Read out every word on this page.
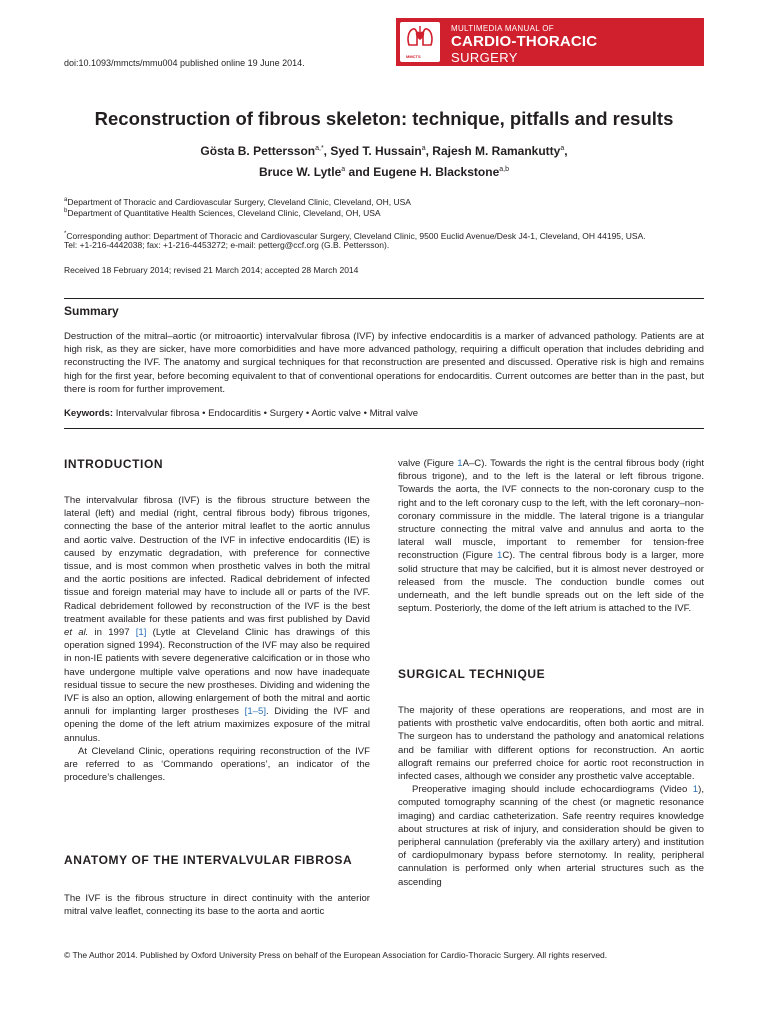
doi:10.1093/mmcts/mmu004 published online 19 June 2014.
MMCTS
MULTIMEDIA MANUAL OF
CARDIO-THORACIC
SURGERY
Reconstruction of fibrous skeleton: technique, pitfalls and results
Gösta B. Pettersson$^{a,*}$, Syed T. Hussain$^a$, Rajesh M. Ramankutty$^a$,
Bruce W. Lytle$^a$ and Eugene H. Blackstone$^{a,b}$
$^a$Department of Thoracic and Cardiovascular Surgery, Cleveland Clinic, Cleveland, OH, USA
$^b$Department of Quantitative Health Sciences, Cleveland Clinic, Cleveland, OH, USA
*Corresponding author: Department of Thoracic and Cardiovascular Surgery, Cleveland Clinic, 9500 Euclid Avenue/Desk J4-1, Cleveland, OH 44195, USA.
Tel: +1-216-4442038; fax: +1-216-4453272; e-mail: petterg@ccf.org (G.B. Pettersson).
Received 18 February 2014; revised 21 March 2014; accepted 28 March 2014
Summary
Destruction of the mitral–aortic (or mitroaortic) intervalvular fibrosa (IVF) by infective endocarditis is a marker of advanced pathology. Patients are at high risk, as they are sicker, have more comorbidities and have more advanced pathology, requiring a difficult operation that includes debriding and reconstructing the IVF. The anatomy and surgical techniques for that reconstruction are presented and discussed. Operative risk is high and remains high for the first year, before becoming equivalent to that of conventional operations for endocarditis. Current outcomes are better than in the past, but there is room for further improvement.
Keywords: Intervalvular fibrosa • Endocarditis • Surgery • Aortic valve • Mitral valve
INTRODUCTION

The intervalvular fibrosa (IVF) is the fibrous structure between the lateral (left) and medial (right, central fibrous body) fibrous trigones, connecting the base of the anterior mitral leaflet to the aortic annulus and aortic valve. Destruction of the IVF in infective endocarditis (IE) is caused by enzymatic degradation, with preference for connective tissue, and is most common when prosthetic valves in both the mitral and the aortic positions are infected. Radical debridement of infected tissue and foreign material may have to include all or parts of the IVF. Radical debridement followed by reconstruction of the IVF is the best treatment available for these patients and was first published by David et al. in 1997 [1] (Lytle at Cleveland Clinic has drawings of this operation signed 1994). Reconstruction of the IVF may also be required in non-IE patients with severe degenerative calcification or in those who have undergone multiple valve operations and now have inadequate residual tissue to secure the new prostheses. Dividing and widening the IVF is also an option, allowing enlargement of both the mitral and aortic annuli for implanting larger prostheses [1–5]. Dividing the IVF and opening the dome of the left atrium maximizes exposure of the mitral annulus.

At Cleveland Clinic, operations requiring reconstruction of the IVF are referred to as ‘Commando operations’, an indicator of the procedure’s challenges.

ANATOMY OF THE INTERVALVULAR FIBROSA

The IVF is the fibrous structure in direct continuity with the anterior mitral valve leaflet, connecting its base to the aorta and aortic

valve (Figure 1A–C). Towards the right is the central fibrous body (right fibrous trigone), and to the left is the lateral or left fibrous trigone. Towards the aorta, the IVF connects to the non-coronary cusp to the right and to the left coronary cusp to the left, with the left coronary–non-coronary commissure in the middle. The lateral trigone is a triangular structure connecting the mitral valve and annulus and aorta to the lateral wall muscle, important to remember for tension-free reconstruction (Figure 1C). The central fibrous body is a larger, more solid structure that may be calcified, but it is almost never destroyed or released from the muscle. The conduction bundle comes out underneath, and the left bundle spreads out on the left side of the septum. Posteriorly, the dome of the left atrium is attached to the IVF.

SURGICAL TECHNIQUE

The majority of these operations are reoperations, and most are in patients with prosthetic valve endocarditis, often both aortic and mitral. The surgeon has to understand the pathology and anatomical relations and be familiar with different options for reconstruction. An aortic allograft remains our preferred choice for aortic root reconstruction in infected cases, although we consider any prosthetic valve acceptable.

Preoperative imaging should include echocardiograms (Video 1), computed tomography scanning of the chest (or magnetic resonance imaging) and cardiac catheterization. Safe reentry requires knowledge about structures at risk of injury, and consideration should be given to peripheral cannulation (preferably via the axillary artery) and institution of cardiopulmonary bypass before sternotomy. In reality, peripheral cannulation is performed only when arterial structures such as the ascending

© The Author 2014. Published by Oxford University Press on behalf of the European Association for Cardio-Thoracic Surgery. All rights reserved.
